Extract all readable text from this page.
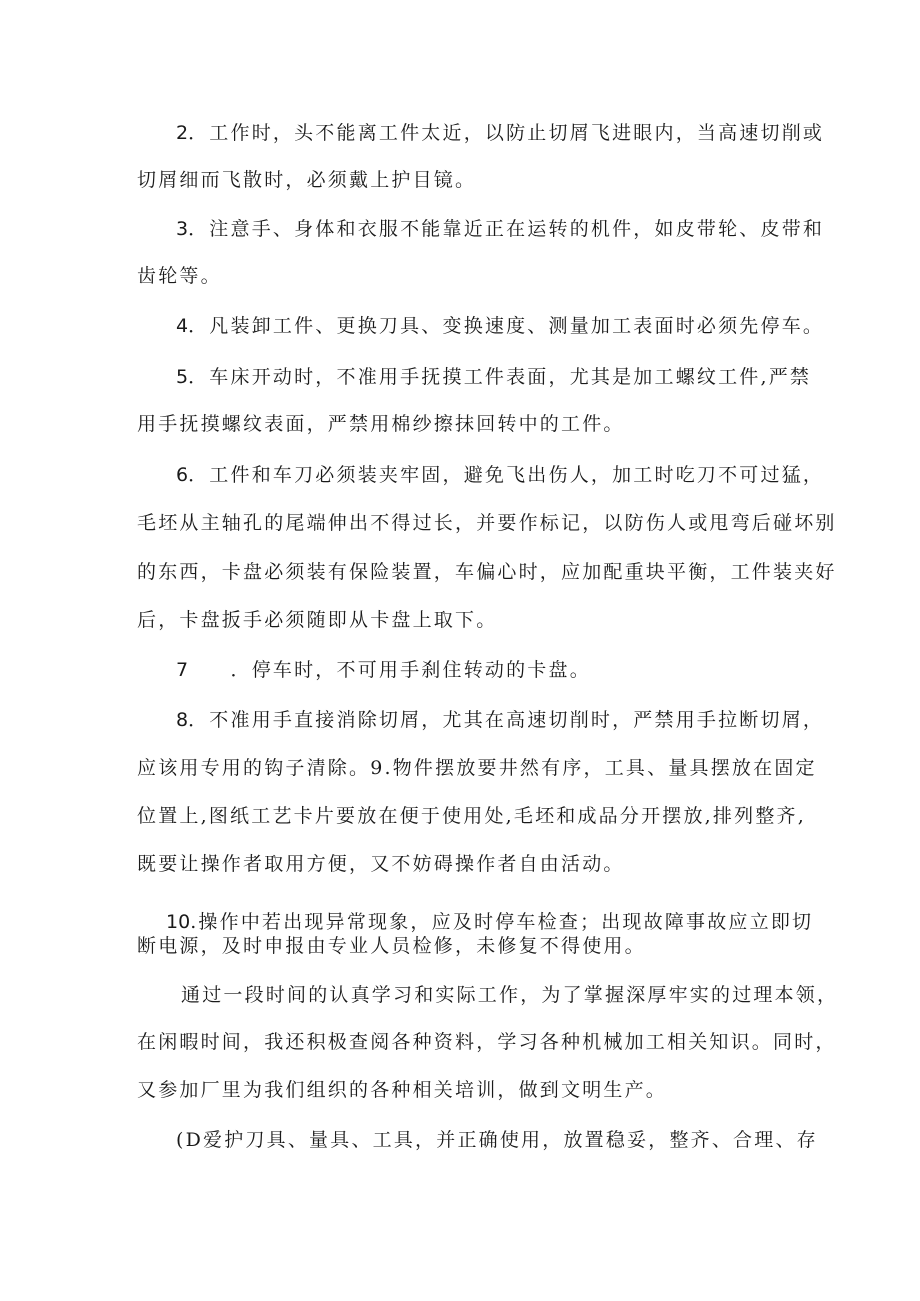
2．工作时，头不能离工件太近，以防止切屑飞进眼内，当高速切削或
切屑细而飞散时，必须戴上护目镜。
3．注意手、身体和衣服不能靠近正在运转的机件，如皮带轮、皮带和
齿轮等。
4．凡装卸工件、更换刀具、变换速度、测量加工表面时必须先停车。
5．车床开动时，不准用手抚摸工件表面，尤其是加工螺纹工件,严禁
用手抚摸螺纹表面，严禁用棉纱擦抹回转中的工件。
6．工件和车刀必须装夹牢固，避免飞出伤人，加工时吃刀不可过猛，
毛坯从主轴孔的尾端伸出不得过长，并要作标记，以防伤人或甩弯后碰坏别
的东西，卡盘必须装有保险装置，车偏心时，应加配重块平衡，工件装夹好
后，卡盘扳手必须随即从卡盘上取下。
7　　．停车时，不可用手刹住转动的卡盘。
8．不准用手直接消除切屑，尤其在高速切削时，严禁用手拉断切屑，
应该用专用的钩子清除。9.物件摆放要井然有序，工具、量具摆放在固定
位置上,图纸工艺卡片要放在便于使用处,毛坯和成品分开摆放,排列整齐,
既要让操作者取用方便，又不妨碍操作者自由活动。
10.操作中若出现异常现象，应及时停车检查；出现故障事故应立即切
断电源，及时申报由专业人员检修，未修复不得使用。
通过一段时间的认真学习和实际工作，为了掌握深厚牢实的过理本领，
在闲暇时间，我还积极查阅各种资料，学习各种机械加工相关知识。同时，
又参加厂里为我们组织的各种相关培训，做到文明生产。
(D爱护刀具、量具、工具，并正确使用，放置稳妥，整齐、合理、存
